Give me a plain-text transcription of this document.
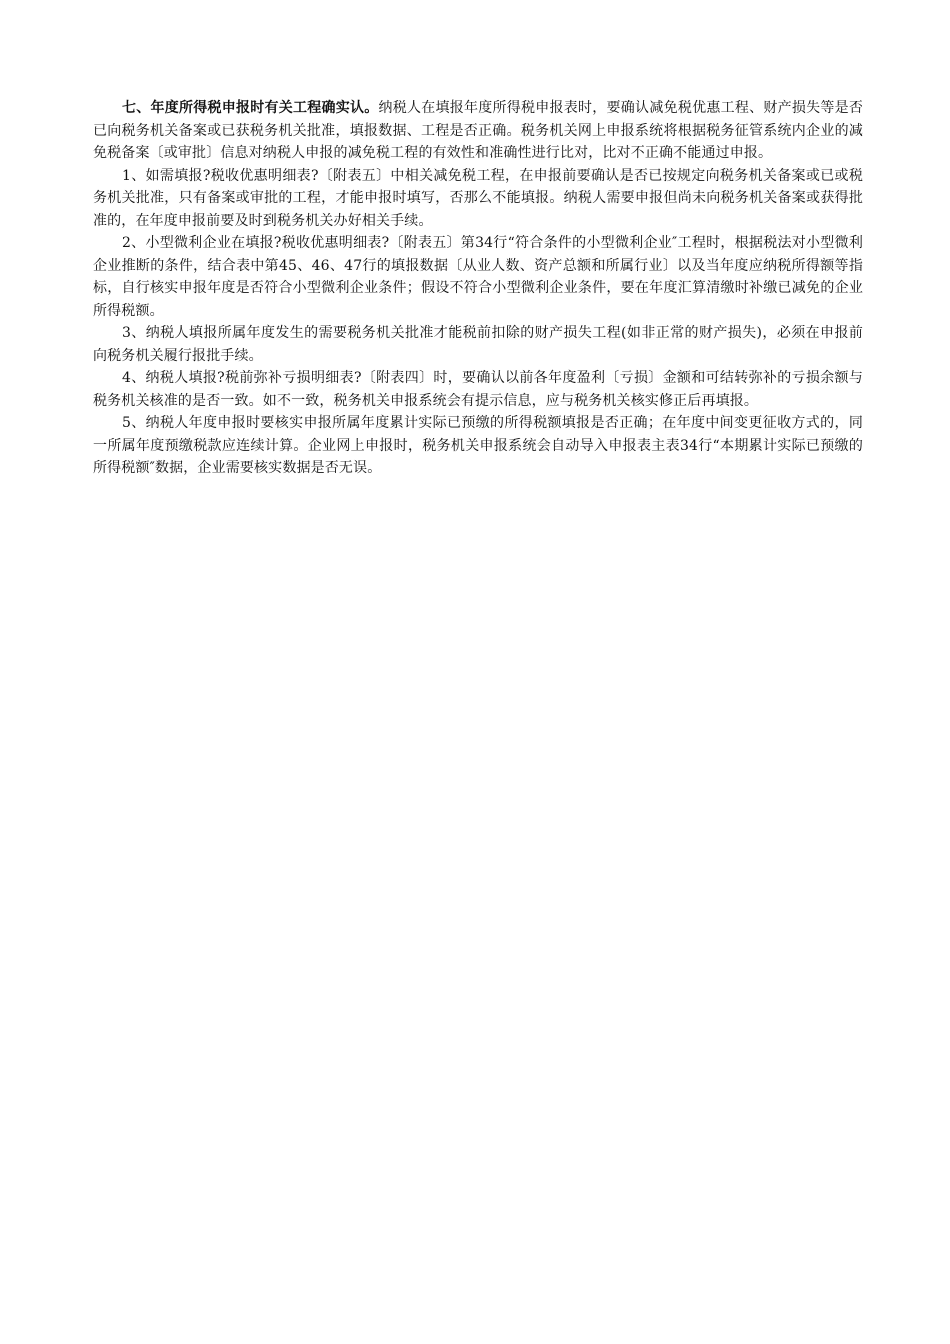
七、年度所得税申报时有关工程确实认。纳税人在填报年度所得税申报表时，要确认减免税优惠工程、财产损失等是否已向税务机关备案或已获税务机关批准，填报数据、工程是否正确。税务机关网上申报系统将根据税务征管系统内企业的减免税备案〔或审批〕信息对纳税人申报的减免税工程的有效性和准确性进行比对，比对不正确不能通过申报。

1、如需填报?税收优惠明细表?〔附表五〕中相关减免税工程，在申报前要确认是否已按规定向税务机关备案或已或税务机关批准，只有备案或审批的工程，才能申报时填写，否那么不能填报。纳税人需要申报但尚未向税务机关备案或获得批准的，在年度申报前要及时到税务机关办好相关手续。

2、小型微利企业在填报?税收优惠明细表?〔附表五〕第34行“符合条件的小型微利企业″工程时，根据税法对小型微利企业推断的条件，结合表中第45、46、47行的填报数据〔从业人数、资产总额和所属行业〕以及当年度应纳税所得额等指标，自行核实申报年度是否符合小型微利企业条件；假设不符合小型微利企业条件，要在年度汇算清缴时补缴已减免的企业所得税额。

3、纳税人填报所属年度发生的需要税务机关批准才能税前扣除的财产损失工程(如非正常的财产损失)，必须在申报前向税务机关履行报批手续。

4、纳税人填报?税前弥补亏损明细表?〔附表四〕时，要确认以前各年度盈利〔亏损〕金额和可结转弥补的亏损余额与税务机关核准的是否一致。如不一致，税务机关申报系统会有提示信息，应与税务机关核实修正后再填报。

5、纳税人年度申报时要核实申报所属年度累计实际已预缴的所得税额填报是否正确；在年度中间变更征收方式的，同一所属年度预缴税款应连续计算。企业网上申报时，税务机关申报系统会自动导入申报表主表34行“本期累计实际已预缴的所得税额″数据，企业需要核实数据是否无误。
